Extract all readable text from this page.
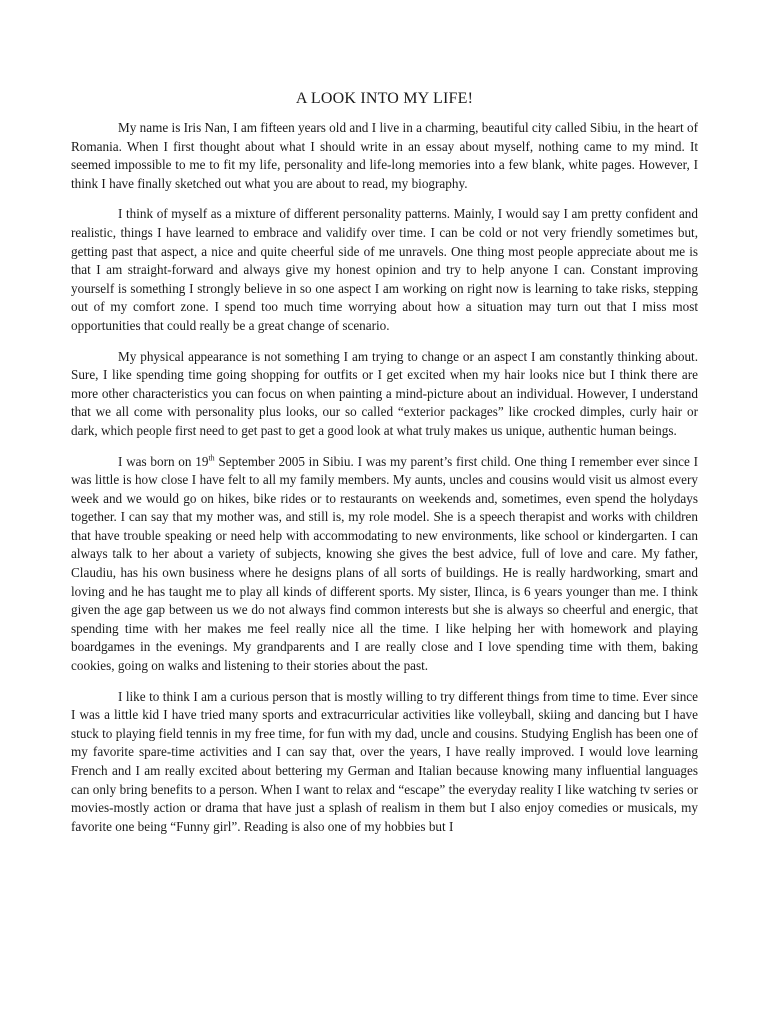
A LOOK INTO MY LIFE!

My name is Iris Nan, I am fifteen years old and I live in a charming, beautiful city called Sibiu, in the heart of Romania. When I first thought about what I should write in an essay about myself, nothing came to my mind. It seemed impossible to me to fit my life, personality and life-long memories into a few blank, white pages. However, I think I have finally sketched out what you are about to read, my biography.

I think of myself as a mixture of different personality patterns. Mainly, I would say I am pretty confident and realistic, things I have learned to embrace and validify over time. I can be cold or not very friendly sometimes but, getting past that aspect, a nice and quite cheerful side of me unravels. One thing most people appreciate about me is that I am straight-forward and always give my honest opinion and try to help anyone I can. Constant improving yourself is something I strongly believe in so one aspect I am working on right now is learning to take risks, stepping out of my comfort zone. I spend too much time worrying about how a situation may turn out that I miss most opportunities that could really be a great change of scenario.

My physical appearance is not something I am trying to change or an aspect I am constantly thinking about. Sure, I like spending time going shopping for outfits or I get excited when my hair looks nice but I think there are more other characteristics you can focus on when painting a mind-picture about an individual. However, I understand that we all come with personality plus looks, our so called “exterior packages” like crocked dimples, curly hair or dark, which people first need to get past to get a good look at what truly makes us unique, authentic human beings.

I was born on 19th September 2005 in Sibiu. I was my parent’s first child. One thing I remember ever since I was little is how close I have felt to all my family members. My aunts, uncles and cousins would visit us almost every week and we would go on hikes, bike rides or to restaurants on weekends and, sometimes, even spend the holydays together. I can say that my mother was, and still is, my role model. She is a speech therapist and works with children that have trouble speaking or need help with accommodating to new environments, like school or kindergarten. I can always talk to her about a variety of subjects, knowing she gives the best advice, full of love and care. My father, Claudiu, has his own business where he designs plans of all sorts of buildings. He is really hardworking, smart and loving and he has taught me to play all kinds of different sports. My sister, Ilinca, is 6 years younger than me. I think given the age gap between us we do not always find common interests but she is always so cheerful and energic, that spending time with her makes me feel really nice all the time. I like helping her with homework and playing boardgames in the evenings. My grandparents and I are really close and I love spending time with them, baking cookies, going on walks and listening to their stories about the past.

I like to think I am a curious person that is mostly willing to try different things from time to time. Ever since I was a little kid I have tried many sports and extracurricular activities like volleyball, skiing and dancing but I have stuck to playing field tennis in my free time, for fun with my dad, uncle and cousins. Studying English has been one of my favorite spare-time activities and I can say that, over the years, I have really improved. I would love learning French and I am really excited about bettering my German and Italian because knowing many influential languages can only bring benefits to a person. When I want to relax and “escape” the everyday reality I like watching tv series or movies-mostly action or drama that have just a splash of realism in them but I also enjoy comedies or musicals, my favorite one being “Funny girl”. Reading is also one of my hobbies but I
